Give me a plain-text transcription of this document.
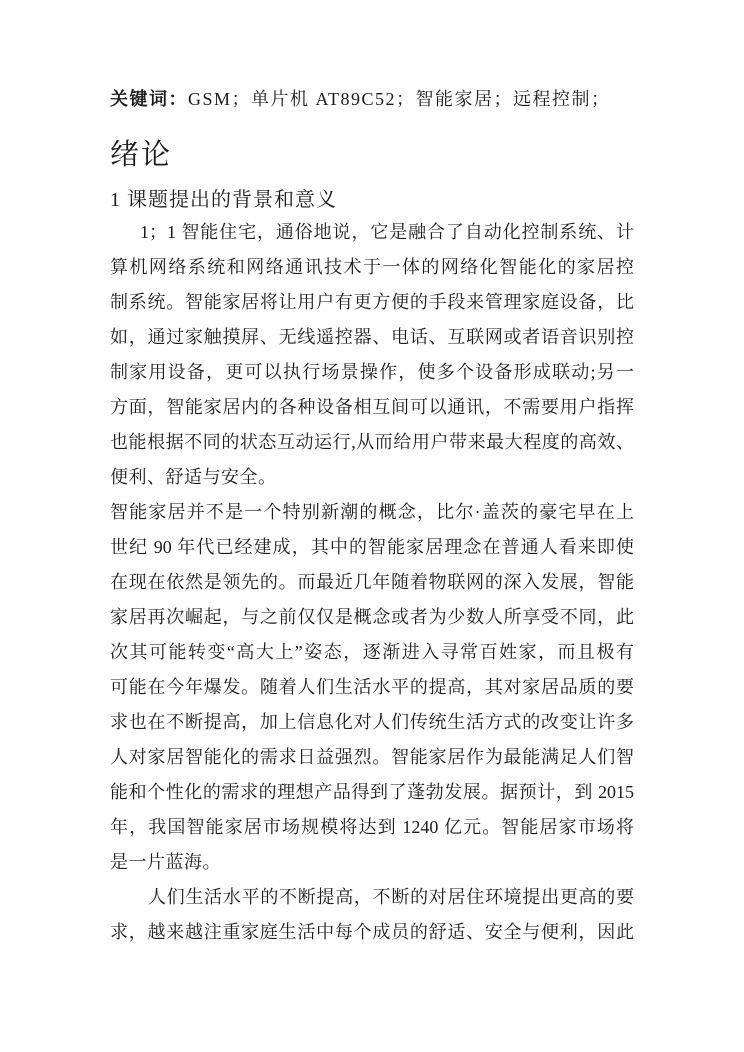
关键词：GSM；单片机 AT89C52；智能家居；远程控制；

绪论
1 课题提出的背景和意义
1；1 智能住宅，通俗地说，它是融合了自动化控制系统、计
算机网络系统和网络通讯技术于一体的网络化智能化的家居控
制系统。智能家居将让用户有更方便的手段来管理家庭设备，比
如，通过家触摸屏、无线遥控器、电话、互联网或者语音识别控
制家用设备，更可以执行场景操作，使多个设备形成联动;另一
方面，智能家居内的各种设备相互间可以通讯，不需要用户指挥
也能根据不同的状态互动运行,从而给用户带来最大程度的高效、
便利、舒适与安全。
智能家居并不是一个特别新潮的概念，比尔·盖茨的豪宅早在上
世纪 90 年代已经建成，其中的智能家居理念在普通人看来即使
在现在依然是领先的。而最近几年随着物联网的深入发展，智能
家居再次崛起，与之前仅仅是概念或者为少数人所享受不同，此
次其可能转变“高大上”姿态，逐渐进入寻常百姓家，而且极有
可能在今年爆发。随着人们生活水平的提高，其对家居品质的要
求也在不断提高，加上信息化对人们传统生活方式的改变让许多
人对家居智能化的需求日益强烈。智能家居作为最能满足人们智
能和个性化的需求的理想产品得到了蓬勃发展。据预计，到 2015
年，我国智能家居市场规模将达到 1240 亿元。智能居家市场将
是一片蓝海。
人们生活水平的不断提高，不断的对居住环境提出更高的要
求，越来越注重家庭生活中每个成员的舒适、安全与便利，因此
